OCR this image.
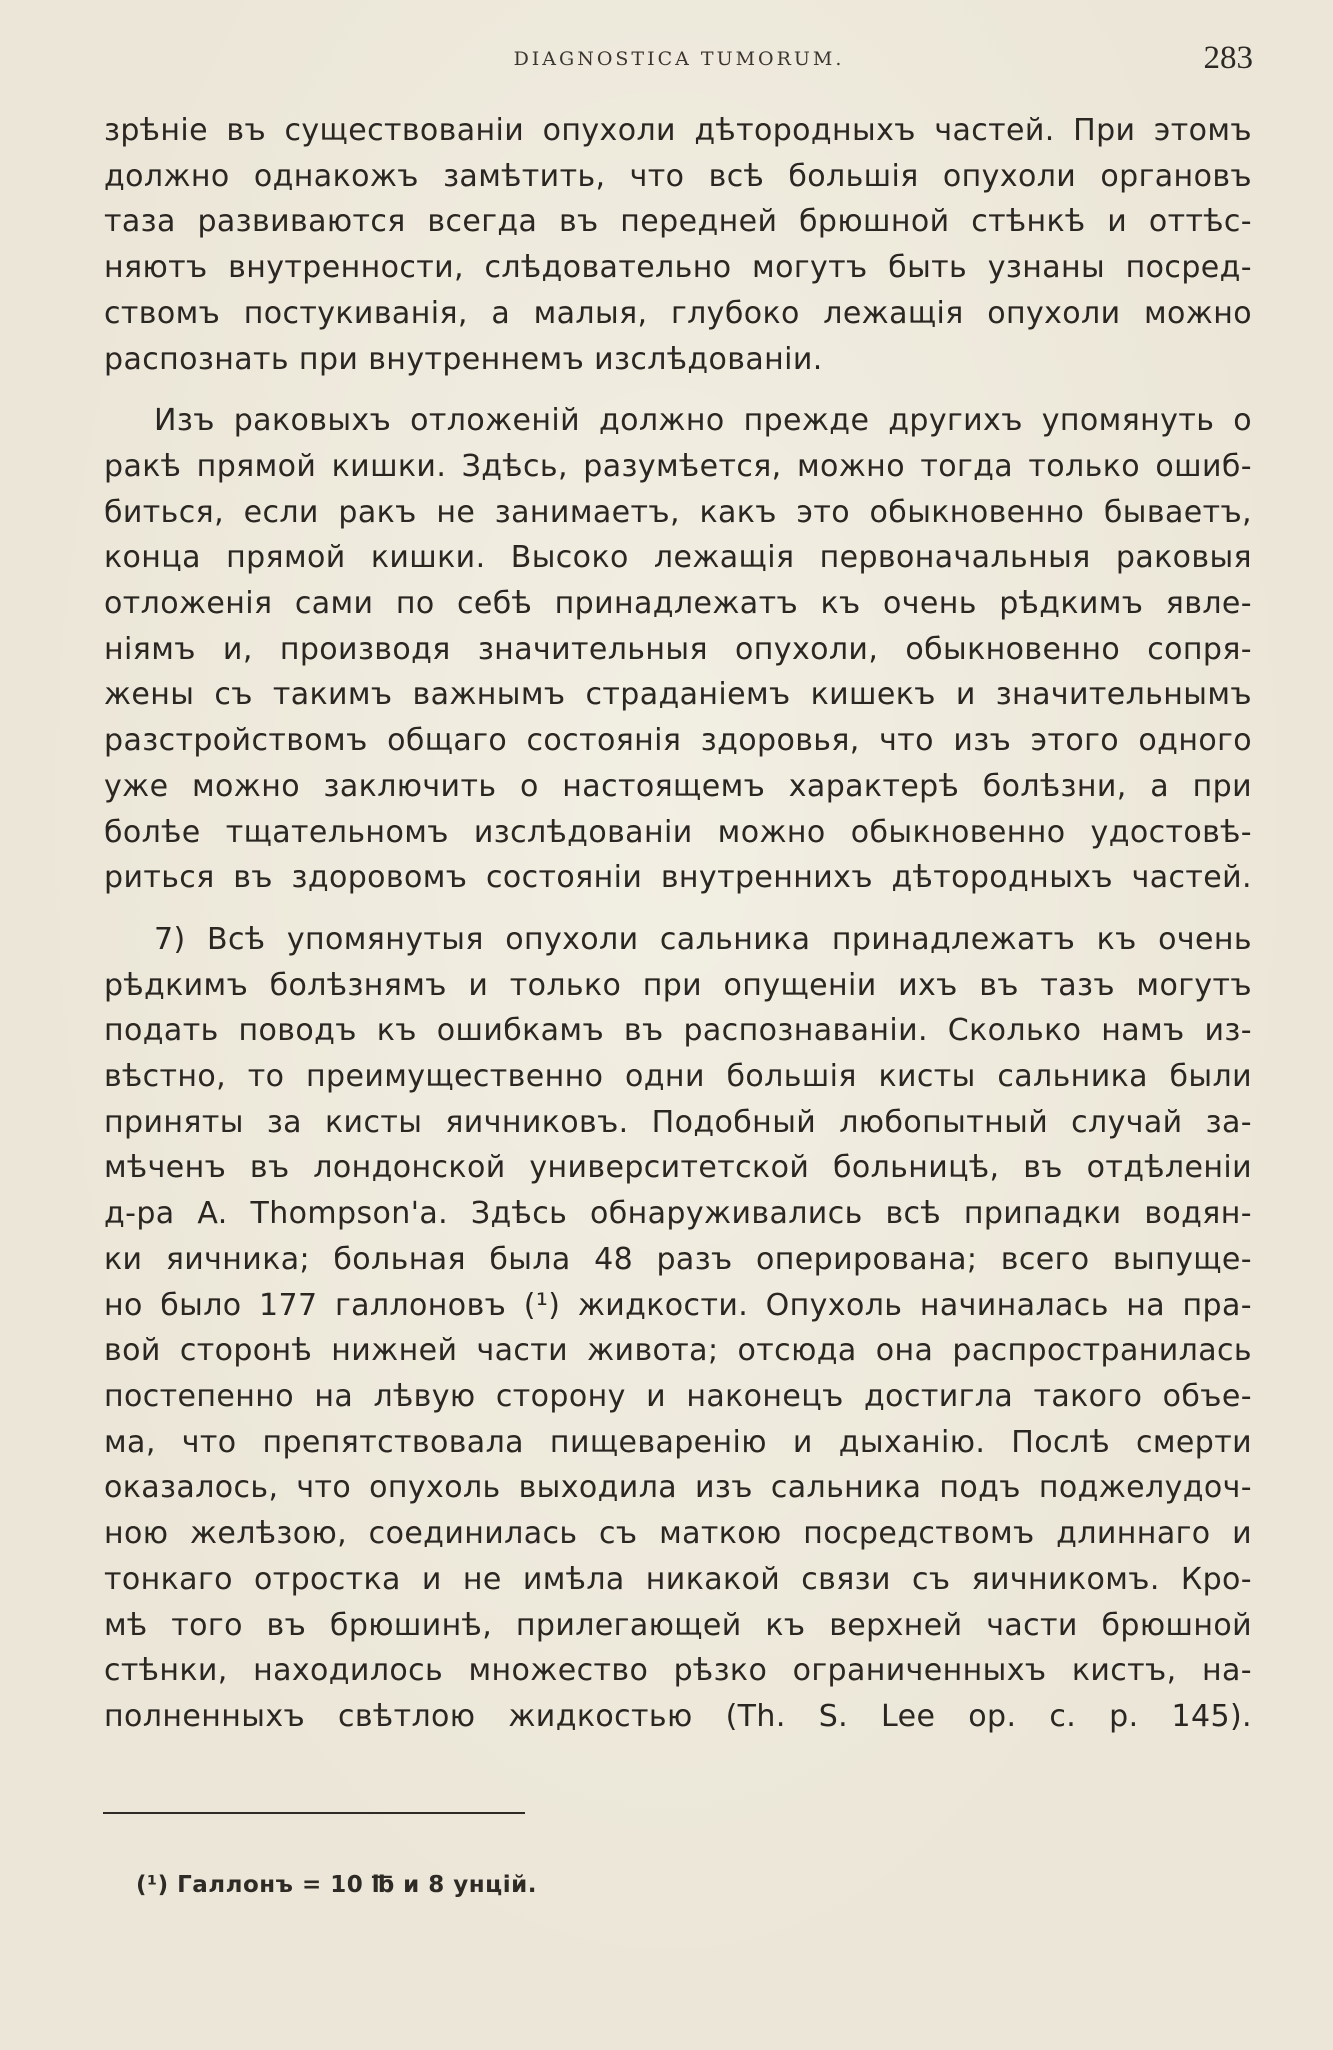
DIAGNOSTICA TUMORUM.	283
зрѣніе въ существованіи опухоли дѣтородныхъ частей. При этомъ
должно однакожъ замѣтить, что всѣ большія опухоли органовъ
таза развиваются всегда въ передней брюшной стѣнкѣ и оттѣс-
няютъ внутренности, слѣдовательно могутъ быть узнаны посред-
ствомъ постукиванія, а малыя, глубоко лежащія опухоли можно
распознать при внутреннемъ изслѣдованіи.
Изъ раковыхъ отложеній должно прежде другихъ упомянуть о
ракѣ прямой кишки. Здѣсь, разумѣется, можно тогда только ошиб-
биться, если ракъ не занимаетъ, какъ это обыкновенно бываетъ,
конца прямой кишки. Высоко лежащія первоначальныя раковыя
отложенія сами по себѣ принадлежатъ къ очень рѣдкимъ явле-
ніямъ и, производя значительныя опухоли, обыкновенно сопря-
жены съ такимъ важнымъ страданіемъ кишекъ и значительнымъ
разстройствомъ общаго состоянія здоровья, что изъ этого одного
уже можно заключить о настоящемъ характерѣ болѣзни, а при
болѣе тщательномъ изслѣдованіи можно обыкновенно удостовѣ-
риться въ здоровомъ состояніи внутреннихъ дѣтородныхъ частей.
7) Всѣ упомянутыя опухоли сальника принадлежатъ къ очень
рѣдкимъ болѣзнямъ и только при опущеніи ихъ въ тазъ могутъ
подать поводъ къ ошибкамъ въ распознаваніи. Сколько намъ из-
вѣстно, то преимущественно одни большія кисты сальника были
приняты за кисты яичниковъ. Подобный любопытный случай за-
мѣченъ въ лондонской университетской больницѣ, въ отдѣленіи
д-ра A. Thompson'a. Здѣсь обнаруживались всѣ припадки водян-
ки яичника; больная была 48 разъ оперирована; всего выпуще-
но было 177 галлоновъ (¹) жидкости. Опухоль начиналась на пра-
вой сторонѣ нижней части живота; отсюда она распространилась
постепенно на лѣвую сторону и наконецъ достигла такого объе-
ма, что препятствовала пищеваренію и дыханію. Послѣ смерти
оказалось, что опухоль выходила изъ сальника подъ поджелудоч-
ною желѣзою, соединилась съ маткою посредствомъ длиннаго и
тонкаго отростка и не имѣла никакой связи съ яичникомъ. Кро-
мѣ того въ брюшинѣ, прилегающей къ верхней части брюшной
стѣнки, находилось множество рѣзко ограниченныхъ кистъ, на-
полненныхъ свѣтлою жидкостью (Th. S. Lee op. c. p. 145).
(¹) Галлонъ = 10 ℔ и 8 унцій.
